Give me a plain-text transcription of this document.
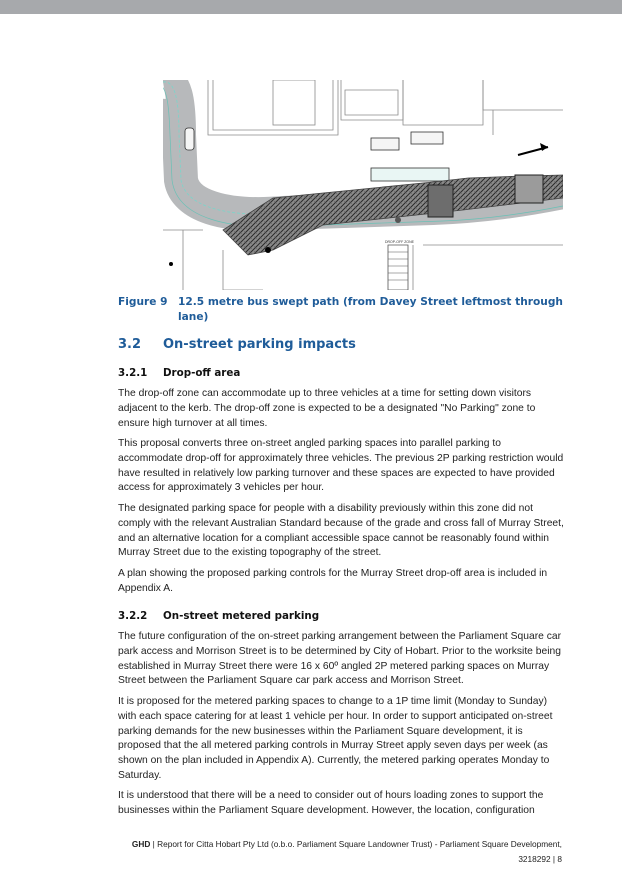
DROP-OFF ZONE
Figure 9 12.5 metre bus swept path (from Davey Street leftmost through lane)
3.2	On-street parking impacts
3.2.1	Drop-off area

The drop-off zone can accommodate up to three vehicles at a time for setting down visitors adjacent to the kerb. The drop-off zone is expected to be a designated "No Parking" zone to ensure high turnover at all times.

This proposal converts three on-street angled parking spaces into parallel parking to accommodate drop-off for approximately three vehicles. The previous 2P parking restriction would have resulted in relatively low parking turnover and these spaces are expected to have provided access for approximately 3 vehicles per hour.

The designated parking space for people with a disability previously within this zone did not comply with the relevant Australian Standard because of the grade and cross fall of Murray Street, and an alternative location for a compliant accessible space cannot be reasonably found within Murray Street due to the existing topography of the street.

A plan showing the proposed parking controls for the Murray Street drop-off area is included in Appendix A.

3.2.2	On-street metered parking

The future configuration of the on-street parking arrangement between the Parliament Square car park access and Morrison Street is to be determined by City of Hobart. Prior to the worksite being established in Murray Street there were 16 x 60º angled 2P metered parking spaces on Murray Street between the Parliament Square car park access and Morrison Street.

It is proposed for the metered parking spaces to change to a 1P time limit (Monday to Sunday) with each space catering for at least 1 vehicle per hour. In order to support anticipated on-street parking demands for the new businesses within the Parliament Square development, it is proposed that the all metered parking controls in Murray Street apply seven days per week (as shown on the plan included in Appendix A). Currently, the metered parking operates Monday to Saturday.

It is understood that there will be a need to consider out of hours loading zones to support the businesses within the Parliament Square development. However, the location, configuration

GHD | Report for Citta Hobart Pty Ltd (o.b.o. Parliament Square Landowner Trust) - Parliament Square Development,
3218292 | 8
